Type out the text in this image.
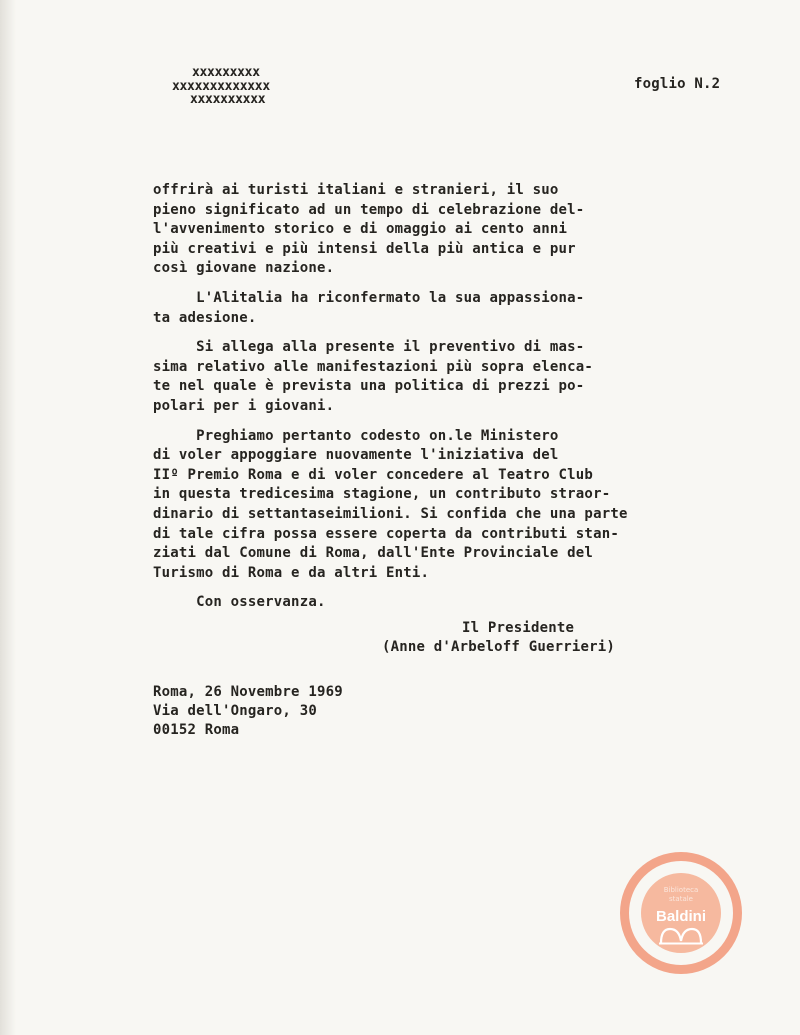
xxxxxxxxx

xxxxxxxxxxxxx

xxxxxxxxxx

foglio N.2

offrirà ai turisti italiani e stranieri, il suo

pieno significato ad un tempo di celebrazione del-

l'avvenimento storico e di omaggio ai cento anni

più creativi e più intensi della più antica e pur

così giovane nazione.

L'Alitalia ha riconfermato la sua appassiona-

ta adesione.

Si allega alla presente il preventivo di mas-

sima relativo alle manifestazioni più sopra elenca-

te nel quale è prevista una politica di prezzi po-

polari per i giovani.

Preghiamo pertanto codesto on.le Ministero

di voler appoggiare nuovamente l'iniziativa del

IIº Premio Roma e di voler concedere al Teatro Club

in questa tredicesima stagione, un contributo straor-

dinario di settantaseimilioni. Si confida che una parte

di tale cifra possa essere coperta da contributi stan-

ziati dal Comune di Roma, dall'Ente Provinciale del

Turismo di Roma e da altri Enti.

Con osservanza.

Il Presidente

(Anne d'Arbeloff Guerrieri)

Roma, 26 Novembre 1969

Via dell'Ongaro, 30

00152 Roma

Biblioteca
statale
Baldini
